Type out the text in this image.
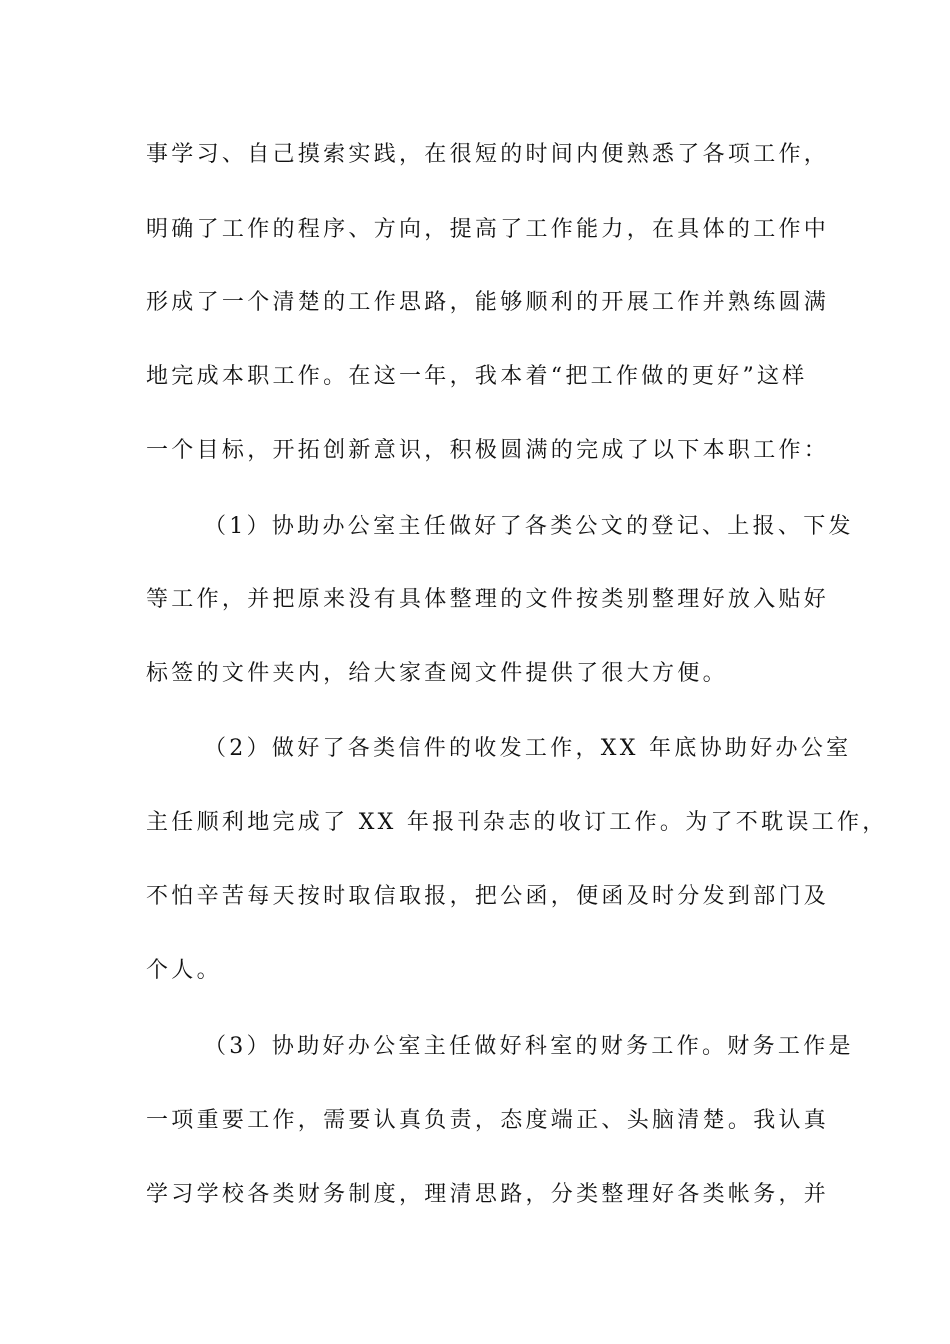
事学习、自己摸索实践，在很短的时间内便熟悉了各项工作，
明确了工作的程序、方向，提高了工作能力，在具体的工作中
形成了一个清楚的工作思路，能够顺利的开展工作并熟练圆满
地完成本职工作。在这一年，我本着“把工作做的更好”这样
一个目标，开拓创新意识，积极圆满的完成了以下本职工作：
（1）协助办公室主任做好了各类公文的登记、上报、下发
等工作，并把原来没有具体整理的文件按类别整理好放入贴好
标签的文件夹内，给大家查阅文件提供了很大方便。
（2）做好了各类信件的收发工作，XX 年底协助好办公室
主任顺利地完成了 XX 年报刊杂志的收订工作。为了不耽误工作，
不怕辛苦每天按时取信取报，把公函，便函及时分发到部门及
个人。
（3）协助好办公室主任做好科室的财务工作。财务工作是
一项重要工作，需要认真负责，态度端正、头脑清楚。我认真
学习学校各类财务制度，理清思路，分类整理好各类帐务，并
